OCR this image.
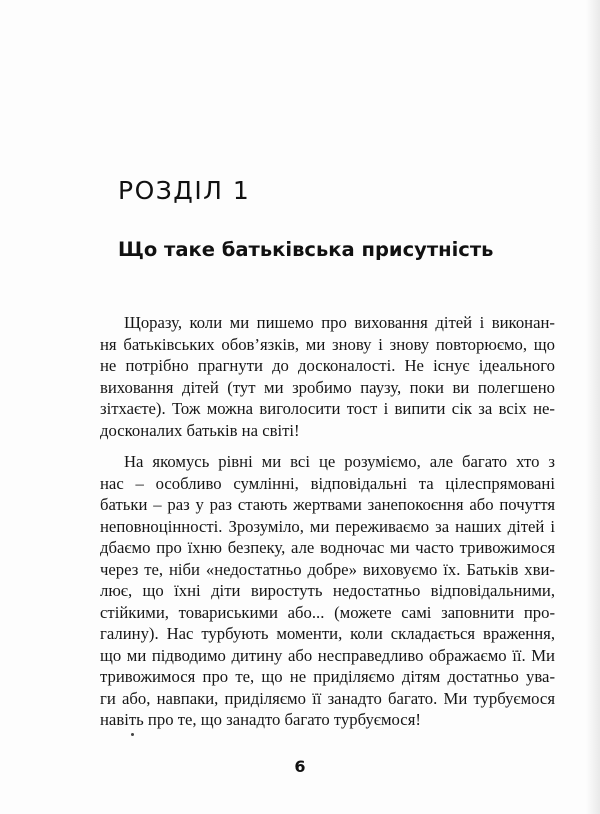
РОЗДІЛ 1
Що таке батьківська присутність

Щоразу, коли ми пишемо про виховання дітей і виконан-
ня батьківських обов’язків, ми знову і знову повторюємо, що
не потрібно прагнути до досконалості. Не існує ідеального
виховання дітей (тут ми зробимо паузу, поки ви полегшено
зітхаєте). Тож можна виголосити тост і випити сік за всіх не-
досконалих батьків на світі!

На якомусь рівні ми всі це розуміємо, але багато хто з
нас – особливо сумлінні, відповідальні та цілеспрямовані
батьки – раз у раз стають жертвами занепокоєння або почуття
неповноцінності. Зрозуміло, ми переживаємо за наших дітей і
дбаємо про їхню безпеку, але водночас ми часто тривожимося
через те, ніби «недостатньо добре» виховуємо їх. Батьків хви-
лює, що їхні діти виростуть недостатньо відповідальними,
стійкими, товариськими або... (можете самі заповнити про-
галину). Нас турбують моменти, коли складається враження,
що ми підводимо дитину або несправедливо ображаємо її. Ми
тривожимося про те, що не приділяємо дітям достатньо ува-
ги або, навпаки, приділяємо її занадто багато. Ми турбуємося
навіть про те, що занадто багато турбуємося!

6
